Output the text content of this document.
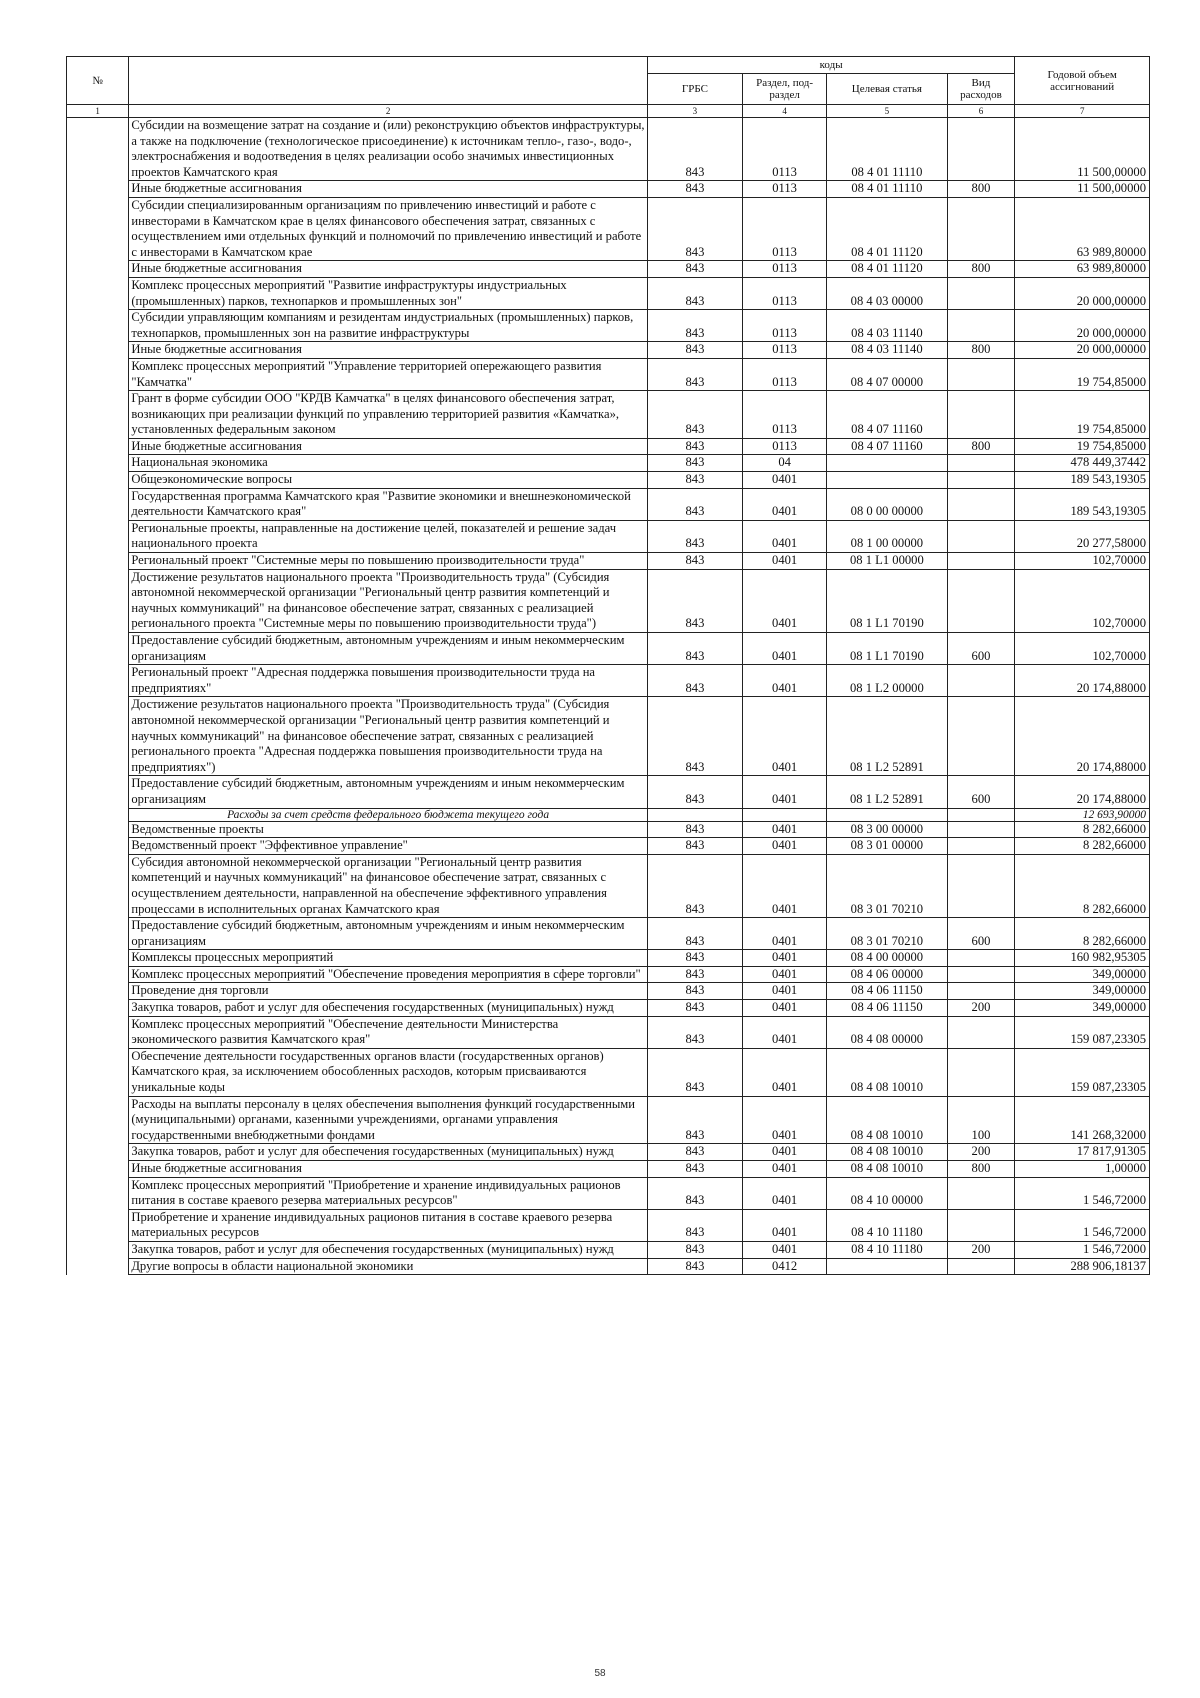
№		коды				Годовой объем ассигнований
		ГРБС	Раздел, под- раздел	Целевая статья	Вид расходов	
1	2	3	4	5	6	7
	Субсидии на возмещение затрат на создание и (или) реконструкцию объектов инфраструктуры, а также на подключение (технологическое присоединение) к источникам тепло-, газо-, водо-, электроснабжения и водоотведения в целях реализации особо значимых инвестиционных проектов Камчатского края	843	0113	08 4 01 11110		11 500,00000
	Иные бюджетные ассигнования	843	0113	08 4 01 11110	800	11 500,00000
	Субсидии специализированным организациям по привлечению инвестиций и работе с инвесторами в Камчатском крае в целях финансового обеспечения затрат, связанных с осуществлением ими отдельных функций и полномочий по привлечению инвестиций и работе с инвесторами в Камчатском крае	843	0113	08 4 01 11120		63 989,80000
	Иные бюджетные ассигнования	843	0113	08 4 01 11120	800	63 989,80000
	Комплекс процессных мероприятий "Развитие инфраструктуры индустриальных (промышленных) парков, технопарков и промышленных зон"	843	0113	08 4 03 00000		20 000,00000
	Субсидии управляющим компаниям и резидентам индустриальных (промышленных) парков, технопарков, промышленных зон на развитие инфраструктуры	843	0113	08 4 03 11140		20 000,00000
	Иные бюджетные ассигнования	843	0113	08 4 03 11140	800	20 000,00000
	Комплекс процессных мероприятий "Управление территорией опережающего развития "Камчатка"	843	0113	08 4 07 00000		19 754,85000
	Грант в форме субсидии ООО "КРДВ Камчатка" в целях финансового обеспечения затрат, возникающих при реализации функций по управлению территорией развития «Камчатка», установленных федеральным законом	843	0113	08 4 07 11160		19 754,85000
	Иные бюджетные ассигнования	843	0113	08 4 07 11160	800	19 754,85000
	Национальная экономика	843	04			478 449,37442
	Общеэкономические вопросы	843	0401			189 543,19305
	Государственная программа Камчатского края "Развитие экономики и внешнеэкономической деятельности Камчатского края"	843	0401	08 0 00 00000		189 543,19305
	Региональные проекты, направленные на достижение целей, показателей и решение задач национального проекта	843	0401	08 1 00 00000		20 277,58000
	Региональный проект "Системные меры по повышению производительности труда"	843	0401	08 1 L1 00000		102,70000
	Достижение результатов национального проекта "Производительность труда" (Субсидия автономной некоммерческой организации "Региональный центр развития компетенций и научных коммуникаций" на финансовое обеспечение затрат, связанных с реализацией регионального проекта "Системные меры по повышению производительности труда")	843	0401	08 1 L1 70190		102,70000
	Предоставление субсидий бюджетным, автономным учреждениям и иным некоммерческим организациям	843	0401	08 1 L1 70190	600	102,70000
	Региональный проект "Адресная поддержка повышения производительности труда на предприятиях"	843	0401	08 1 L2 00000		20 174,88000
	Достижение результатов национального проекта "Производительность труда" (Субсидия автономной некоммерческой организации "Региональный центр развития компетенций и научных коммуникаций" на финансовое обеспечение затрат, связанных с реализацией регионального проекта "Адресная поддержка повышения производительности труда на предприятиях")	843	0401	08 1 L2 52891		20 174,88000
	Предоставление субсидий бюджетным, автономным учреждениям и иным некоммерческим организациям	843	0401	08 1 L2 52891	600	20 174,88000
	Расходы за счет средств федерального бюджета текущего года					12 693,90000
	Ведомственные проекты	843	0401	08 3 00 00000		8 282,66000
	Ведомственный проект "Эффективное управление"	843	0401	08 3 01 00000		8 282,66000
	Субсидия автономной некоммерческой организации "Региональный центр развития компетенций и научных коммуникаций" на финансовое обеспечение затрат, связанных с осуществлением деятельности, направленной на обеспечение эффективного управления процессами в исполнительных органах Камчатского края	843	0401	08 3 01 70210		8 282,66000
	Предоставление субсидий бюджетным, автономным учреждениям и иным некоммерческим организациям	843	0401	08 3 01 70210	600	8 282,66000
	Комплексы процессных мероприятий	843	0401	08 4 00 00000		160 982,95305
	Комплекс процессных мероприятий "Обеспечение проведения мероприятия в сфере торговли"	843	0401	08 4 06 00000		349,00000
	Проведение дня торговли	843	0401	08 4 06 11150		349,00000
	Закупка товаров, работ и услуг для обеспечения государственных (муниципальных) нужд	843	0401	08 4 06 11150	200	349,00000
	Комплекс процессных мероприятий "Обеспечение деятельности Министерства экономического развития Камчатского края"	843	0401	08 4 08 00000		159 087,23305
	Обеспечение деятельности государственных органов власти (государственных органов) Камчатского края, за исключением обособленных расходов, которым присваиваются уникальные коды	843	0401	08 4 08 10010		159 087,23305
	Расходы на выплаты персоналу в целях обеспечения выполнения функций государственными (муниципальными) органами, казенными учреждениями, органами управления государственными внебюджетными фондами	843	0401	08 4 08 10010	100	141 268,32000
	Закупка товаров, работ и услуг для обеспечения государственных (муниципальных) нужд	843	0401	08 4 08 10010	200	17 817,91305
	Иные бюджетные ассигнования	843	0401	08 4 08 10010	800	1,00000
	Комплекс процессных мероприятий "Приобретение и хранение индивидуальных рационов питания в составе краевого резерва материальных ресурсов"	843	0401	08 4 10 00000		1 546,72000
	Приобретение и хранение индивидуальных рационов питания в составе краевого резерва материальных ресурсов	843	0401	08 4 10 11180		1 546,72000
	Закупка товаров, работ и услуг для обеспечения государственных (муниципальных) нужд	843	0401	08 4 10 11180	200	1 546,72000
	Другие вопросы в области национальной экономики	843	0412			288 906,18137
58
